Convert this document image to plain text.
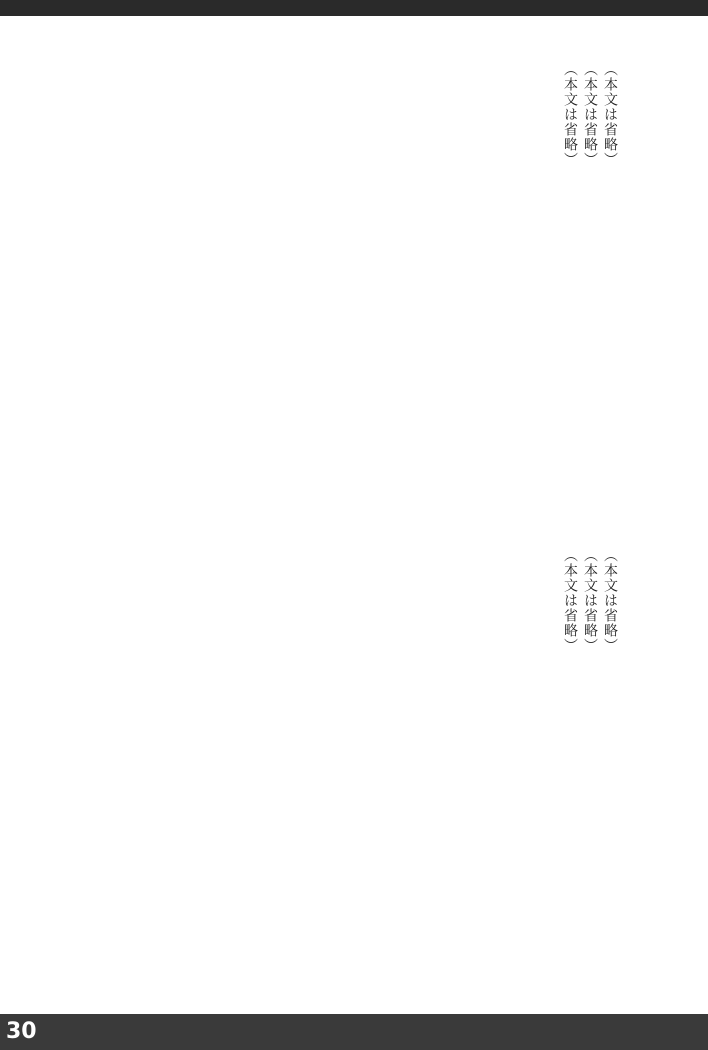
（本文は省略）
（本文は省略）
（本文は省略）
（本文は省略）
（本文は省略）
（本文は省略）
30
